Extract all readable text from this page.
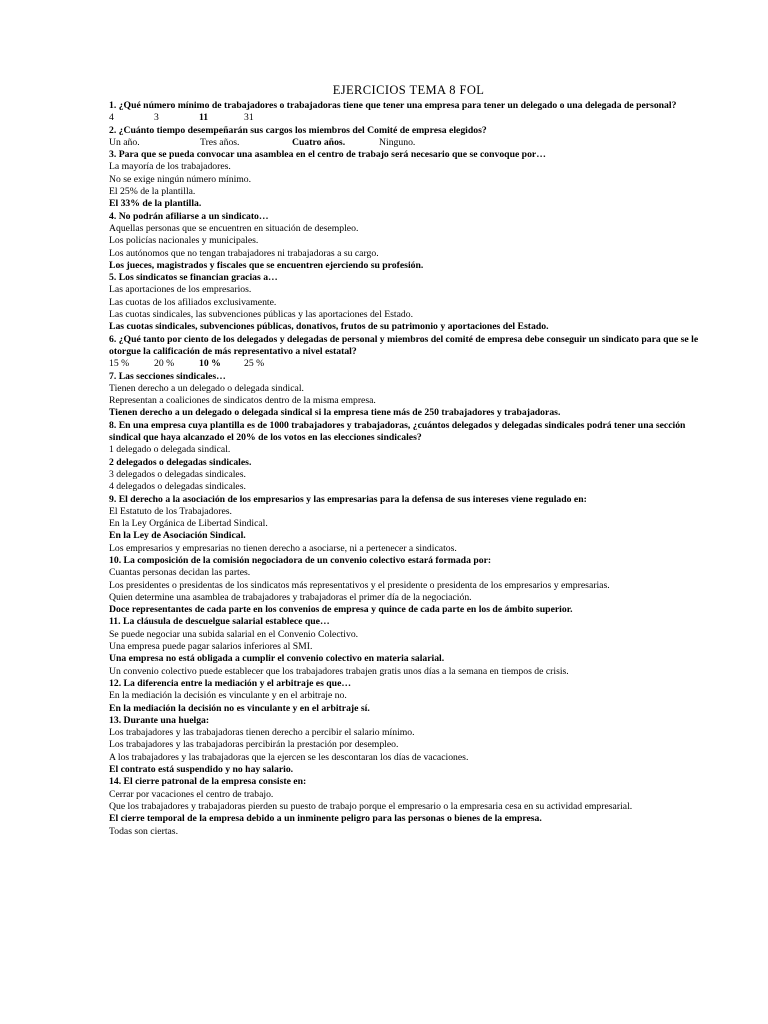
EJERCICIOS TEMA 8 FOL
1. ¿Qué número mínimo de trabajadores o trabajadoras tiene que tener una empresa para tener un delegado o una delegada de personal?
4	3	11	31
2. ¿Cuánto tiempo desempeñarán sus cargos los miembros del Comité de empresa elegidos?
Un año.	Tres años.	Cuatro años.	Ninguno.
3. Para que se pueda convocar una asamblea en el centro de trabajo será necesario que se convoque por…
La mayoría de los trabajadores.
No se exige ningún número mínimo.
El 25% de la plantilla.
El 33% de la plantilla.
4. No podrán afiliarse a un sindicato…
Aquellas personas que se encuentren en situación de desempleo.
Los policías nacionales y municipales.
Los autónomos que no tengan trabajadores ni trabajadoras a su cargo.
Los jueces, magistrados y fiscales que se encuentren ejerciendo su profesión.
5. Los sindicatos se financian gracias a…
Las aportaciones de los empresarios.
Las cuotas de los afiliados exclusivamente.
Las cuotas sindicales, las subvenciones públicas y las aportaciones del Estado.
Las cuotas sindicales, subvenciones públicas, donativos, frutos de su patrimonio y aportaciones del Estado.
6. ¿Qué tanto por ciento de los delegados y delegadas de personal y miembros del comité de empresa debe conseguir un sindicato para que se le otorgue la calificación de más representativo a nivel estatal?
15 %	20 %	10 %	25 %
7. Las secciones sindicales…
Tienen derecho a un delegado o delegada sindical.
Representan a coaliciones de sindicatos dentro de la misma empresa.
Tienen derecho a un delegado o delegada sindical si la empresa tiene más de 250 trabajadores y trabajadoras.
8. En una empresa cuya plantilla es de 1000 trabajadores y trabajadoras, ¿cuántos delegados y delegadas sindicales podrá tener una sección sindical que haya alcanzado el 20% de los votos en las elecciones sindicales?
1 delegado o delegada sindical.
2 delegados o delegadas sindicales.
3 delegados o delegadas sindicales.
4 delegados o delegadas sindicales.
9. El derecho a la asociación de los empresarios y las empresarias para la defensa de sus intereses viene regulado en:
El Estatuto de los Trabajadores.
En la Ley Orgánica de Libertad Sindical.
En la Ley de Asociación Sindical.
Los empresarios y empresarias no tienen derecho a asociarse, ni a pertenecer a sindicatos.
10. La composición de la comisión negociadora de un convenio colectivo estará formada por:
Cuantas personas decidan las partes.
Los presidentes o presidentas de los sindicatos más representativos y el presidente o presidenta de los empresarios y empresarias.
Quien determine una asamblea de trabajadores y trabajadoras el primer día de la negociación.
Doce representantes de cada parte en los convenios de empresa y quince de cada parte en los de ámbito superior.
11. La cláusula de descuelgue salarial establece que…
Se puede negociar una subida salarial en el Convenio Colectivo.
Una empresa puede pagar salarios inferiores al SMI.
Una empresa no está obligada a cumplir el convenio colectivo en materia salarial.
Un convenio colectivo puede establecer que los trabajadores trabajen gratis unos días a la semana en tiempos de crisis.
12. La diferencia entre la mediación y el arbitraje es que…
En la mediación la decisión es vinculante y en el arbitraje no.
En la mediación la decisión no es vinculante y en el arbitraje sí.
13. Durante una huelga:
Los trabajadores y las trabajadoras tienen derecho a percibir el salario mínimo.
Los trabajadores y las trabajadoras percibirán la prestación por desempleo.
A los trabajadores y las trabajadoras que la ejercen se les descontaran los días de vacaciones.
El contrato está suspendido y no hay salario.
14. El cierre patronal de la empresa consiste en:
Cerrar por vacaciones el centro de trabajo.
Que los trabajadores y trabajadoras pierden su puesto de trabajo porque el empresario o la empresaria cesa en su actividad empresarial.
El cierre temporal de la empresa debido a un inminente peligro para las personas o bienes de la empresa.
Todas son ciertas.
